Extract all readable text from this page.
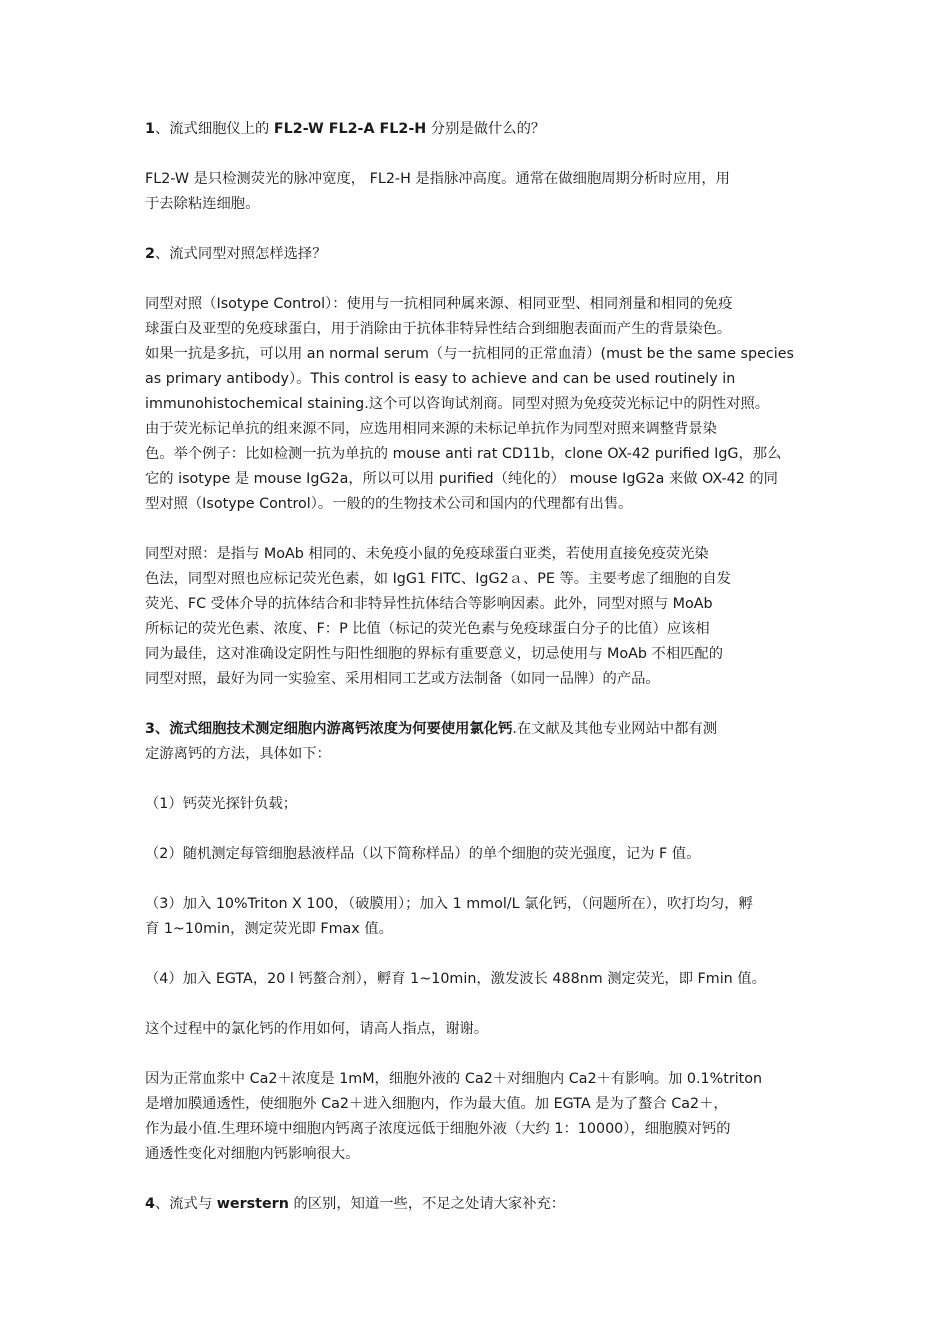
1、流式细胞仪上的 FL2-W FL2-A FL2-H 分别是做什么的？
FL2-W 是只检测荧光的脉冲宽度， FL2-H 是指脉冲高度。通常在做细胞周期分析时应用，用
于去除粘连细胞。
2、流式同型对照怎样选择？
同型对照（Isotype Control）：使用与一抗相同种属来源、相同亚型、相同剂量和相同的免疫
球蛋白及亚型的免疫球蛋白，用于消除由于抗体非特异性结合到细胞表面而产生的背景染色。
如果一抗是多抗，可以用 an normal serum（与一抗相同的正常血清）(must be the same species
as primary antibody）。This control is easy to achieve and can be used routinely in
immunohistochemical staining.这个可以咨询试剂商。同型对照为免疫荧光标记中的阴性对照。
由于荧光标记单抗的组来源不同，应选用相同来源的未标记单抗作为同型对照来调整背景染
色。举个例子：比如检测一抗为单抗的 mouse anti rat CD11b，clone OX-42 purified IgG，那么
它的 isotype 是 mouse IgG2a，所以可以用 purified（纯化的） mouse IgG2a 来做 OX-42 的同
型对照（Isotype Control）。一般的的生物技术公司和国内的代理都有出售。
同型对照：是指与 MoAb 相同的、未免疫小鼠的免疫球蛋白亚类，若使用直接免疫荧光染
色法，同型对照也应标记荧光色素，如 IgG1 FITC、IgG2ａ、PE 等。主要考虑了细胞的自发
荧光、FC 受体介导的抗体结合和非特异性抗体结合等影响因素。此外，同型对照与 MoAb
所标记的荧光色素、浓度、F：P 比值（标记的荧光色素与免疫球蛋白分子的比值）应该相
同为最佳，这对准确设定阴性与阳性细胞的界标有重要意义，切忌使用与 MoAb 不相匹配的
同型对照，最好为同一实验室、采用相同工艺或方法制备（如同一品牌）的产品。
3、流式细胞技术测定细胞内游离钙浓度为何要使用氯化钙.在文献及其他专业网站中都有测
定游离钙的方法，具体如下：
（1）钙荧光探针负载；
（2）随机测定每管细胞悬液样品（以下简称样品）的单个细胞的荧光强度，记为 F 值。
（3）加入 10%Triton X 100，（破膜用）；加入 1 mmol/L 氯化钙，（问题所在），吹打均匀，孵
育 1~10min，测定荧光即 Fmax 值。
（4）加入 EGTA，20 l 钙螯合剂），孵育 1~10min，激发波长 488nm 测定荧光，即 Fmin 值。
这个过程中的氯化钙的作用如何，请高人指点，谢谢。
因为正常血浆中 Ca2＋浓度是 1mM，细胞外液的 Ca2＋对细胞内 Ca2＋有影响。加 0.1%triton
是增加膜通透性，使细胞外 Ca2＋进入细胞内，作为最大值。加 EGTA 是为了螯合 Ca2＋，
作为最小值.生理环境中细胞内钙离子浓度远低于细胞外液（大约 1：10000），细胞膜对钙的
通透性变化对细胞内钙影响很大。
4、流式与 werstern 的区别，知道一些，不足之处请大家补充：
